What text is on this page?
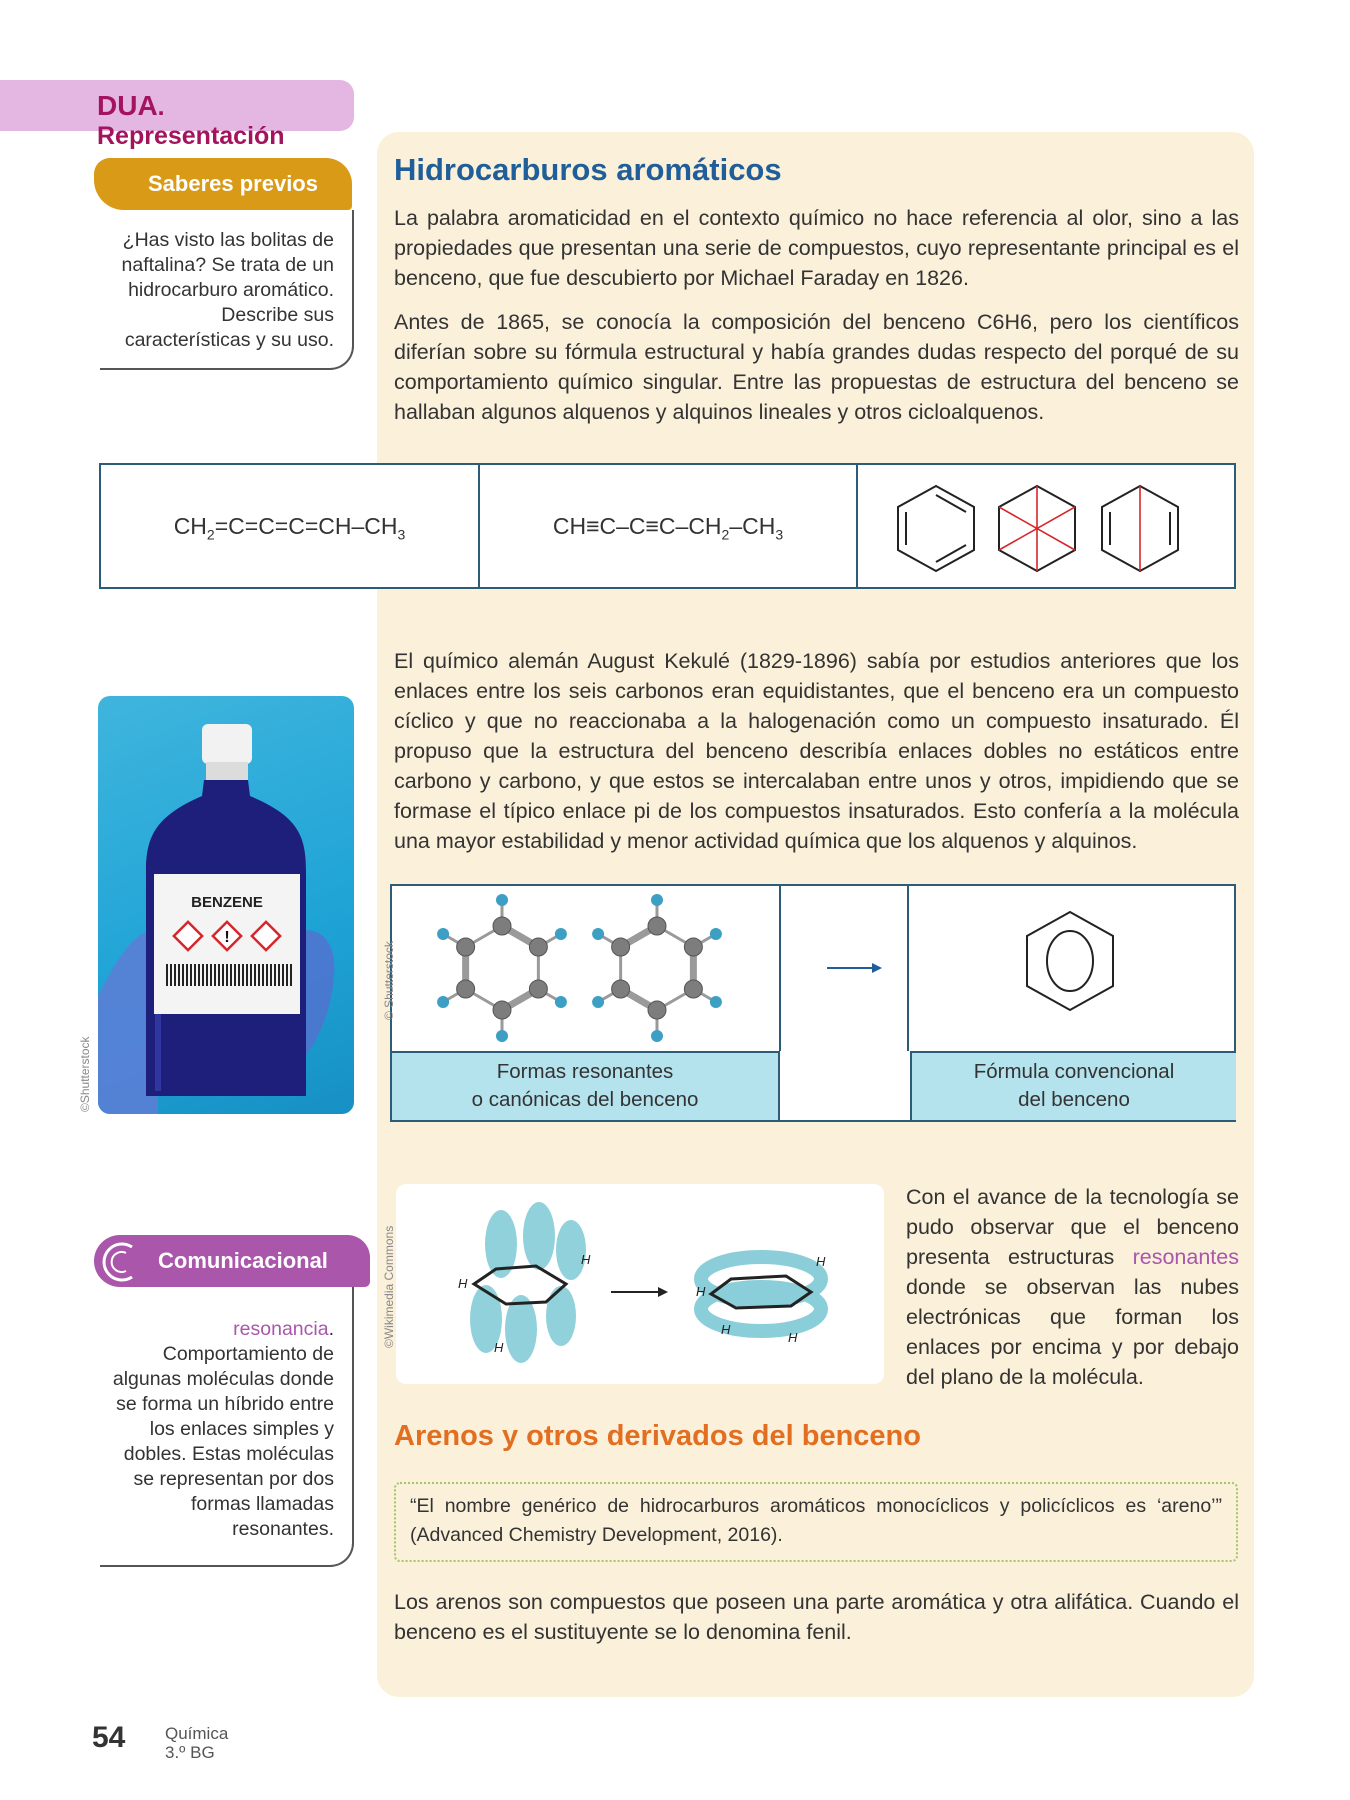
DUA. Representación
Saberes previos
¿Has visto las bolitas de naftalina? Se trata de un hidrocarburo aromático. Describe sus características y su uso.
Hidrocarburos aromáticos
La palabra aromaticidad en el contexto químico no hace referencia al olor, sino a las propiedades que presentan una serie de compuestos, cuyo representante principal es el benceno, que fue descubierto por Michael Faraday en 1826.
Antes de 1865, se conocía la composición del benceno C6H6, pero los científicos diferían sobre su fórmula estructural y había grandes dudas respecto del porqué de su comportamiento químico singular. Entre las propuestas de estructura del benceno se hallaban algunos alquenos y alquinos lineales y otros cicloalquenos.
$CH_2=C=C=C=CH-CH_3$	$CH\equiv C-C\equiv C-CH_2-CH_3$
BENZENE
!
©Shutterstock
El químico alemán August Kekulé (1829-1896) sabía por estudios anteriores que los enlaces entre los seis carbonos eran equidistantes, que el benceno era un compuesto cíclico y que no reaccionaba a la halogenación como un compuesto insaturado. Él propuso que la estructura del benceno describía enlaces dobles no estáticos entre carbono y carbono, y que estos se intercalaban entre unos y otros, impidiendo que se formase el típico enlace pi de los compuestos insaturados. Esto confería a la molécula una mayor estabilidad y menor actividad química que los alquenos y alquinos.
Formas resonantes
o canónicas del benceno
Fórmula convencional
del benceno
© Shutterstock
H
H
H
H
H
H
H
©Wikimedia Commons
Con el avance de la tecnología se pudo observar que el benceno presenta estructuras resonantes donde se observan las nubes electrónicas que forman los enlaces por encima y por debajo del plano de la molécula.
Comunicacional
resonancia. Comportamiento de algunas moléculas donde se forma un híbrido entre los enlaces simples y dobles. Estas moléculas se representan por dos formas llamadas resonantes.
Arenos y otros derivados del benceno
“El nombre genérico de hidrocarburos aromáticos monocíclicos y policíclicos es ‘areno’” (Advanced Chemistry Development, 2016).
Los arenos son compuestos que poseen una parte aromática y otra alifática. Cuando el benceno es el sustituyente se lo denomina fenil.
54 Química
3.º BG
